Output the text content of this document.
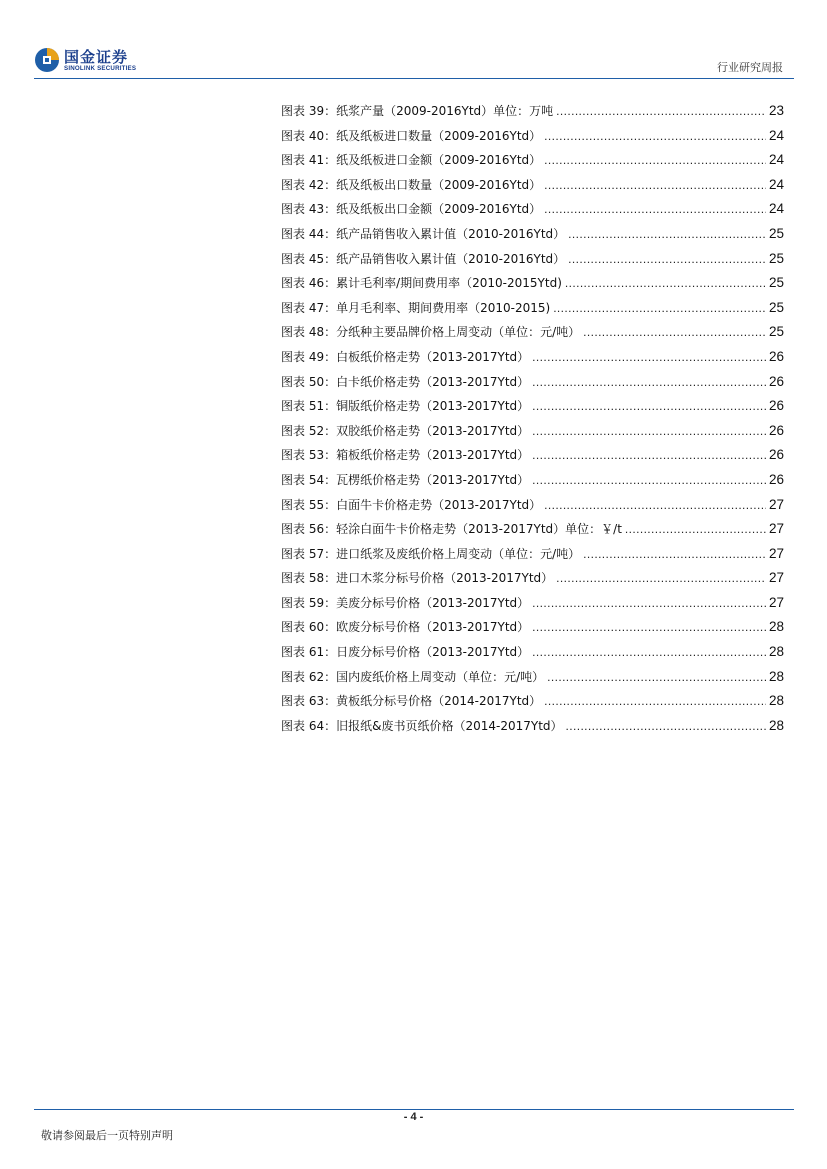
国金证券
SINOLINK SECURITIES	行业研究周报
图表 39： 纸浆产量（2009-2016Ytd）单位：万吨 .....	23
图表 40： 纸及纸板进口数量（2009-2016Ytd） .....	24
图表 41： 纸及纸板进口金额（2009-2016Ytd） .....	24
图表 42： 纸及纸板出口数量（2009-2016Ytd） .....	24
图表 43： 纸及纸板出口金额（2009-2016Ytd） .....	24
图表 44： 纸产品销售收入累计值（2010-2016Ytd） .....	25
图表 45： 纸产品销售收入累计值（2010-2016Ytd） .....	25
图表 46： 累计毛利率/期间费用率（2010-2015Ytd) .....	25
图表 47： 单月毛利率、期间费用率（2010-2015) .....	25
图表 48： 分纸种主要品牌价格上周变动（单位：元/吨） .....	25
图表 49： 白板纸价格走势（2013-2017Ytd） .....	26
图表 50： 白卡纸价格走势（2013-2017Ytd） .....	26
图表 51： 铜版纸价格走势（2013-2017Ytd） .....	26
图表 52： 双胶纸价格走势（2013-2017Ytd） .....	26
图表 53： 箱板纸价格走势（2013-2017Ytd） .....	26
图表 54： 瓦楞纸价格走势（2013-2017Ytd） .....	26
图表 55： 白面牛卡价格走势（2013-2017Ytd） .....	27
图表 56： 轻涂白面牛卡价格走势（2013-2017Ytd）单位：￥/t .....	27
图表 57： 进口纸浆及废纸价格上周变动（单位：元/吨） .....	27
图表 58： 进口木浆分标号价格（2013-2017Ytd） .....	27
图表 59： 美废分标号价格（2013-2017Ytd） .....	27
图表 60： 欧废分标号价格（2013-2017Ytd） .....	28
图表 61： 日废分标号价格（2013-2017Ytd） .....	28
图表 62： 国内废纸价格上周变动（单位：元/吨） .....	28
图表 63： 黄板纸分标号价格（2014-2017Ytd） .....	28
图表 64： 旧报纸&废书页纸价格（2014-2017Ytd） .....	28
- 4 -
敬请参阅最后一页特别声明
